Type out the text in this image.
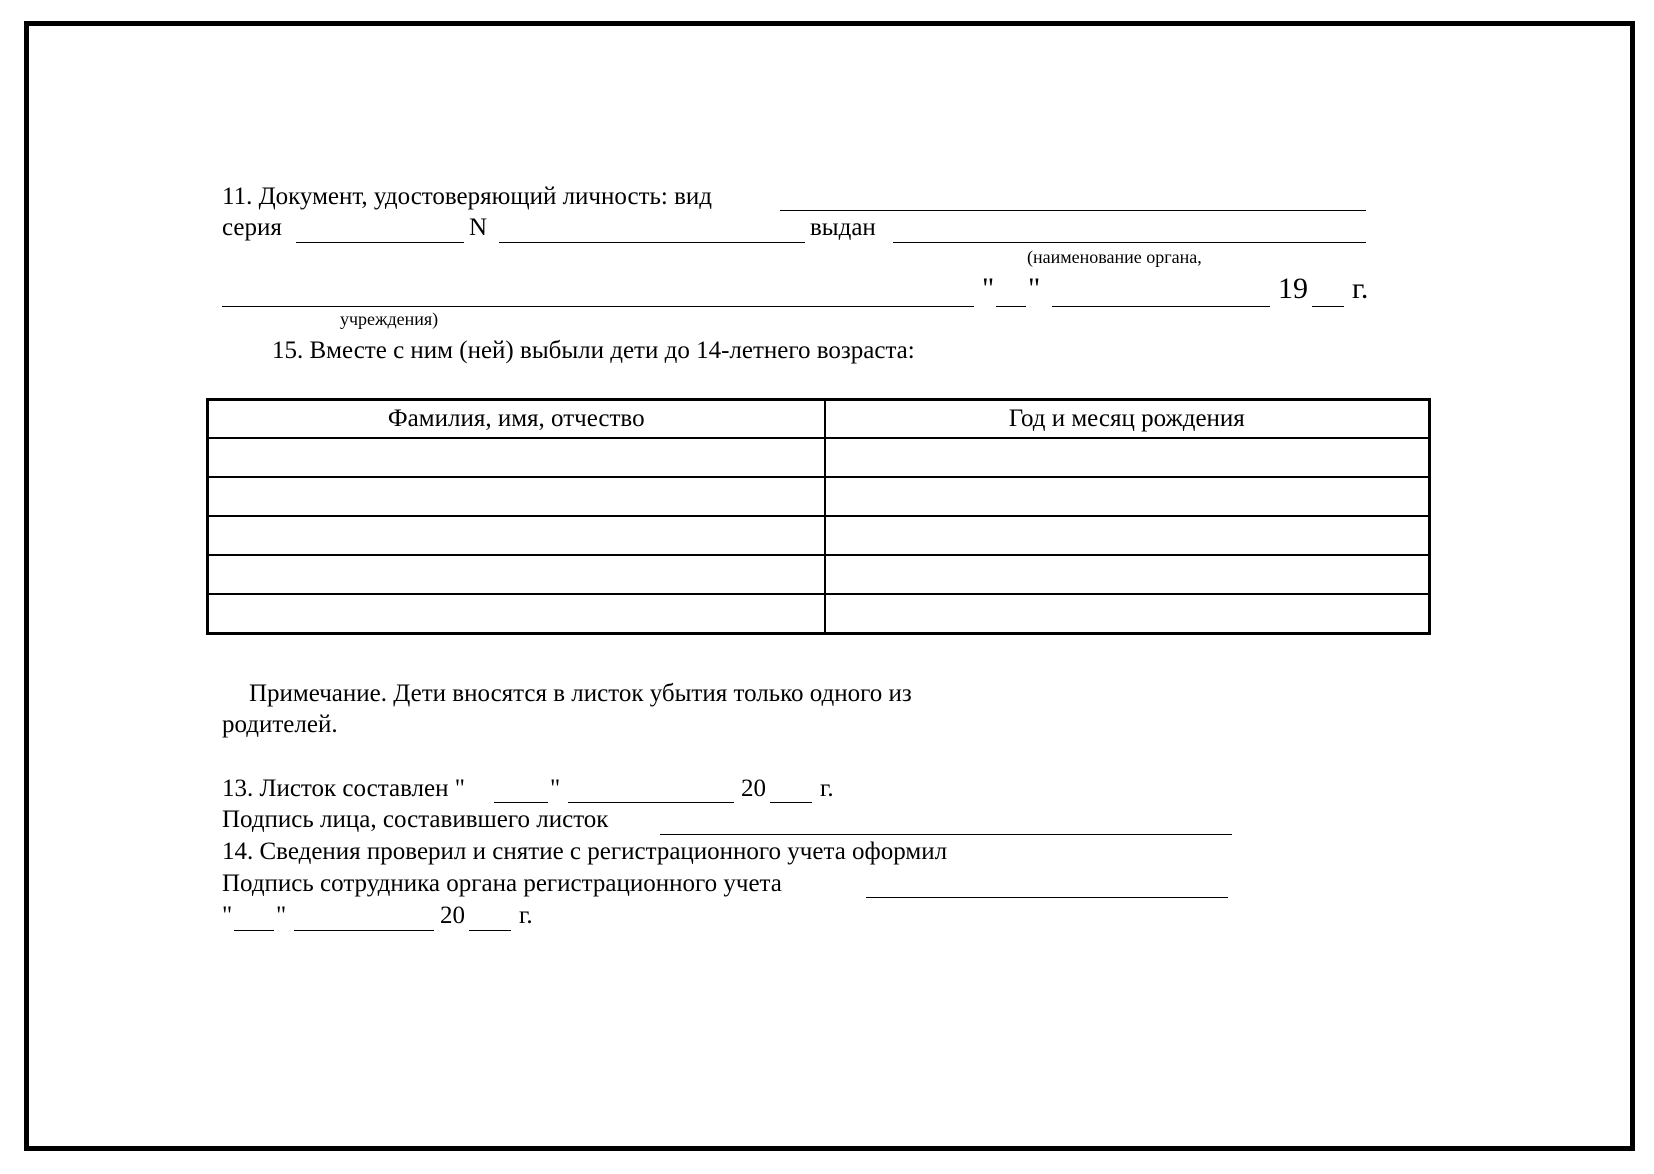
11. Документ, удостоверяющий личность: вид
серия	N	выдан
(наименование органа,
" "	19 г.
учреждения)
15. Вместе с ним (ней) выбыли дети до 14-летнего возраста:
Фамилия, имя, отчество	Год и месяц рождения

Примечание. Дети вносятся в листок убытия только одного из
родителей.
13. Листок составлен "	"	20 г.
Подпись лица, составившего листок
14. Сведения проверил и снятие с регистрационного учета оформил
Подпись сотрудника органа регистрационного учета
" "	20 г.
